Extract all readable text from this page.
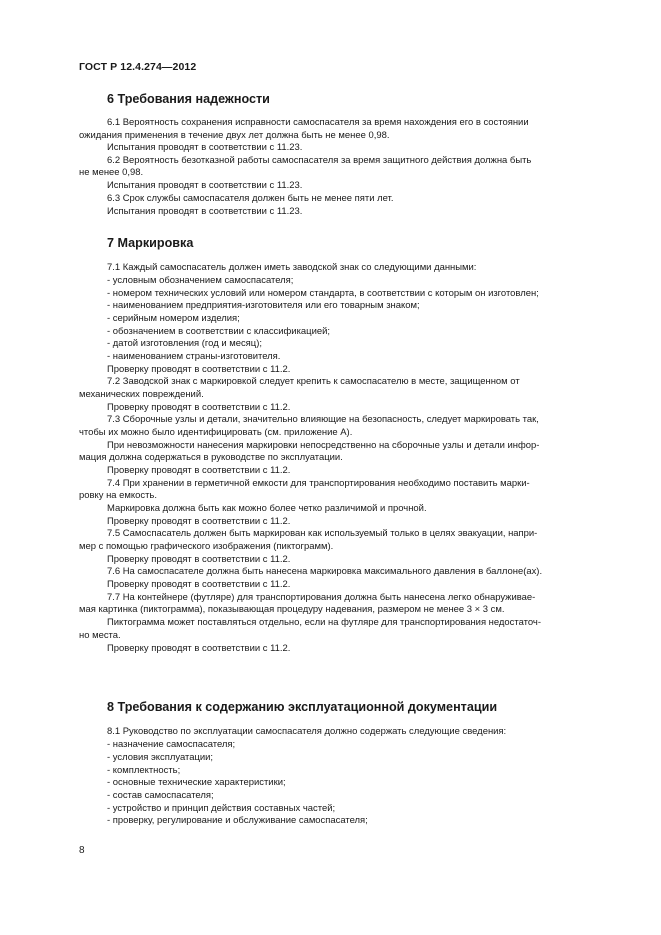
ГОСТ Р 12.4.274—2012
6 Требования надежности
6.1 Вероятность сохранения исправности самоспасателя за время нахождения его в состоянии
ожидания применения в течение двух лет должна быть не менее 0,98.
Испытания проводят в соответствии с 11.23.
6.2 Вероятность безотказной работы самоспасателя за время защитного действия должна быть
не менее 0,98.
Испытания проводят в соответствии с 11.23.
6.3 Срок службы самоспасателя должен быть не менее пяти лет.
Испытания проводят в соответствии с 11.23.
7 Маркировка
7.1 Каждый самоспасатель должен иметь заводской знак со следующими данными:
- условным обозначением самоспасателя;
- номером технических условий или номером стандарта, в соответствии с которым он изготовлен;
- наименованием предприятия-изготовителя или его товарным знаком;
- серийным номером изделия;
- обозначением в соответствии с классификацией;
- датой изготовления (год и месяц);
- наименованием страны-изготовителя.
Проверку проводят в соответствии с 11.2.
7.2 Заводской знак с маркировкой следует крепить к самоспасателю в месте, защищенном от
механических повреждений.
Проверку проводят в соответствии с 11.2.
7.3 Сборочные узлы и детали, значительно влияющие на безопасность, следует маркировать так,
чтобы их можно было идентифицировать (см. приложение А).
При невозможности нанесения маркировки непосредственно на сборочные узлы и детали инфор-
мация должна содержаться в руководстве по эксплуатации.
Проверку проводят в соответствии с 11.2.
7.4 При хранении в герметичной емкости для транспортирования необходимо поставить марки-
ровку на емкость.
Маркировка должна быть как можно более четко различимой и прочной.
Проверку проводят в соответствии с 11.2.
7.5 Самоспасатель должен быть маркирован как используемый только в целях эвакуации, напри-
мер с помощью графического изображения (пиктограмм).
Проверку проводят в соответствии с 11.2.
7.6 На самоспасателе должна быть нанесена маркировка максимального давления в баллоне(ах).
Проверку проводят в соответствии с 11.2.
7.7 На контейнере (футляре) для транспортирования должна быть нанесена легко обнаруживае-
мая картинка (пиктограмма), показывающая процедуру надевания, размером не менее 3 × 3 см.
Пиктограмма может поставляться отдельно, если на футляре для транспортирования недостаточ-
но места.
Проверку проводят в соответствии с 11.2.
8 Требования к содержанию эксплуатационной документации
8.1 Руководство по эксплуатации самоспасателя должно содержать следующие сведения:
- назначение самоспасателя;
- условия эксплуатации;
- комплектность;
- основные технические характеристики;
- состав самоспасателя;
- устройство и принцип действия составных частей;
- проверку, регулирование и обслуживание самоспасателя;
8
